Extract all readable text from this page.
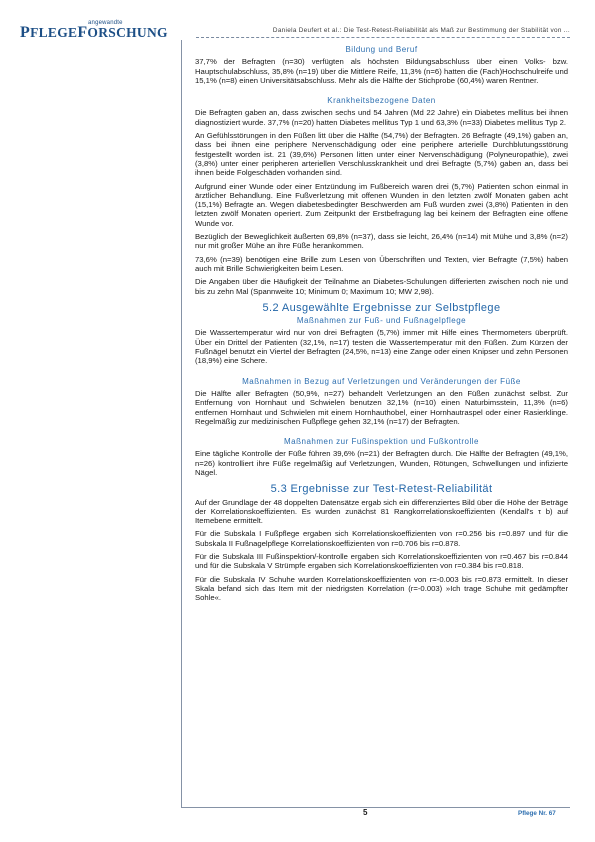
angewandte
PFLEGEFORSCHUNG	Daniela Deufert et al.: Die Test-Retest-Reliabilität als Maß zur Bestimmung der Stabilität von ...
Bildung und Beruf

37,7% der Befragten (n=30) verfügten als höchsten Bildungsabschluss über einen Volks- bzw. Hauptschulabschluss, 35,8% (n=19) über die Mittlere Reife, 11,3% (n=6) hatten die (Fach)Hochschulreife und 15,1% (n=8) einen Universitätsabschluss. Mehr als die Hälfte der Stichprobe (60,4%) waren Rentner.

Krankheitsbezogene Daten

Die Befragten gaben an, dass zwischen sechs und 54 Jahren (Md 22 Jahre) ein Diabetes mellitus bei ihnen diagnostiziert wurde. 37,7% (n=20) hatten Diabetes mellitus Typ 1 und 63,3% (n=33) Diabetes mellitus Typ 2.

An Gefühlsstörungen in den Füßen litt über die Hälfte (54,7%) der Befragten. 26 Befragte (49,1%) gaben an, dass bei ihnen eine periphere Nervenschädigung oder eine periphere arterielle Durchblutungsstörung festgestellt worden ist. 21 (39,6%) Personen litten unter einer Nervenschädigung (Polyneuropathie), zwei (3,8%) unter einer peripheren arteriellen Verschlusskrankheit und drei Befragte (5,7%) gaben an, dass bei ihnen beide Folgeschäden vorhanden sind.

Aufgrund einer Wunde oder einer Entzündung im Fußbereich waren drei (5,7%) Patienten schon einmal in ärztlicher Behandlung. Eine Fußverletzung mit offenen Wunden in den letzten zwölf Monaten gaben acht (15,1%) Befragte an. Wegen diabetesbedingter Beschwerden am Fuß wurden zwei (3,8%) Patienten in den letzten zwölf Monaten operiert. Zum Zeitpunkt der Erstbefragung lag bei keinem der Befragten eine offene Wunde vor.

Bezüglich der Beweglichkeit äußerten 69,8% (n=37), dass sie leicht, 26,4% (n=14) mit Mühe und 3,8% (n=2) nur mit großer Mühe an ihre Füße herankommen.

73,6% (n=39) benötigen eine Brille zum Lesen von Überschriften und Texten, vier Befragte (7,5%) haben auch mit Brille Schwierigkeiten beim Lesen.

Die Angaben über die Häufigkeit der Teilnahme an Diabetes-Schulungen differierten zwischen noch nie und bis zu zehn Mal (Spannweite 10; Minimum 0; Maximum 10; MW 2,98).

5.2 Ausgewählte Ergebnisse zur Selbstpflege
Maßnahmen zur Fuß- und Fußnagelpflege

Die Wassertemperatur wird nur von drei Befragten (5,7%) immer mit Hilfe eines Thermometers überprüft. Über ein Drittel der Patienten (32,1%, n=17) testen die Wassertemperatur mit den Füßen. Zum Kürzen der Fußnägel benutzt ein Viertel der Befragten (24,5%, n=13) eine Zange oder einen Knipser und zehn Personen (18,9%) eine Schere.

Maßnahmen in Bezug auf Verletzungen und Veränderungen der Füße

Die Hälfte aller Befragten (50,9%, n=27) behandelt Verletzungen an den Füßen zunächst selbst. Zur Entfernung von Hornhaut und Schwielen benutzen 32,1% (n=10) einen Naturbimsstein, 11,3% (n=6) entfernen Hornhaut und Schwielen mit einem Hornhauthobel, einer Hornhautraspel oder einer Rasierklinge. Regelmäßig zur medizinischen Fußpflege gehen 32,1% (n=17) der Befragten.

Maßnahmen zur Fußinspektion und Fußkontrolle

Eine tägliche Kontrolle der Füße führen 39,6% (n=21) der Befragten durch. Die Hälfte der Befragten (49,1%, n=26) kontrolliert ihre Füße regelmäßig auf Verletzungen, Wunden, Rötungen, Schwellungen und infizierte Nägel.

5.3 Ergebnisse zur Test-Retest-Reliabilität

Auf der Grundlage der 48 doppelten Datensätze ergab sich ein differenziertes Bild über die Höhe der Beträge der Korrelationskoeffizienten. Es wurden zunächst 81 Rangkorrelationskoeffizienten (Kendall's τ b) auf Itemebene ermittelt.

Für die Subskala I Fußpflege ergaben sich Korrelationskoeffizienten von r=0.256 bis r=0.897 und für die Subskala II Fußnagelpflege Korrelationskoeffizienten von r=0.706 bis r=0.878.

Für die Subskala III Fußinspektion/-kontrolle ergaben sich Korrelationskoeffizienten von r=0.467 bis r=0.844 und für die Subskala V Strümpfe ergaben sich Korrelationskoeffizienten von r=0.384 bis r=0.818.

Für die Subskala IV Schuhe wurden Korrelationskoeffizienten von r=-0.003 bis r=0.873 ermittelt. In dieser Skala befand sich das Item mit der niedrigsten Korrelation (r=-0.003) »Ich trage Schuhe mit gedämpfter Sohle«.

5	Pflege Nr. 67
